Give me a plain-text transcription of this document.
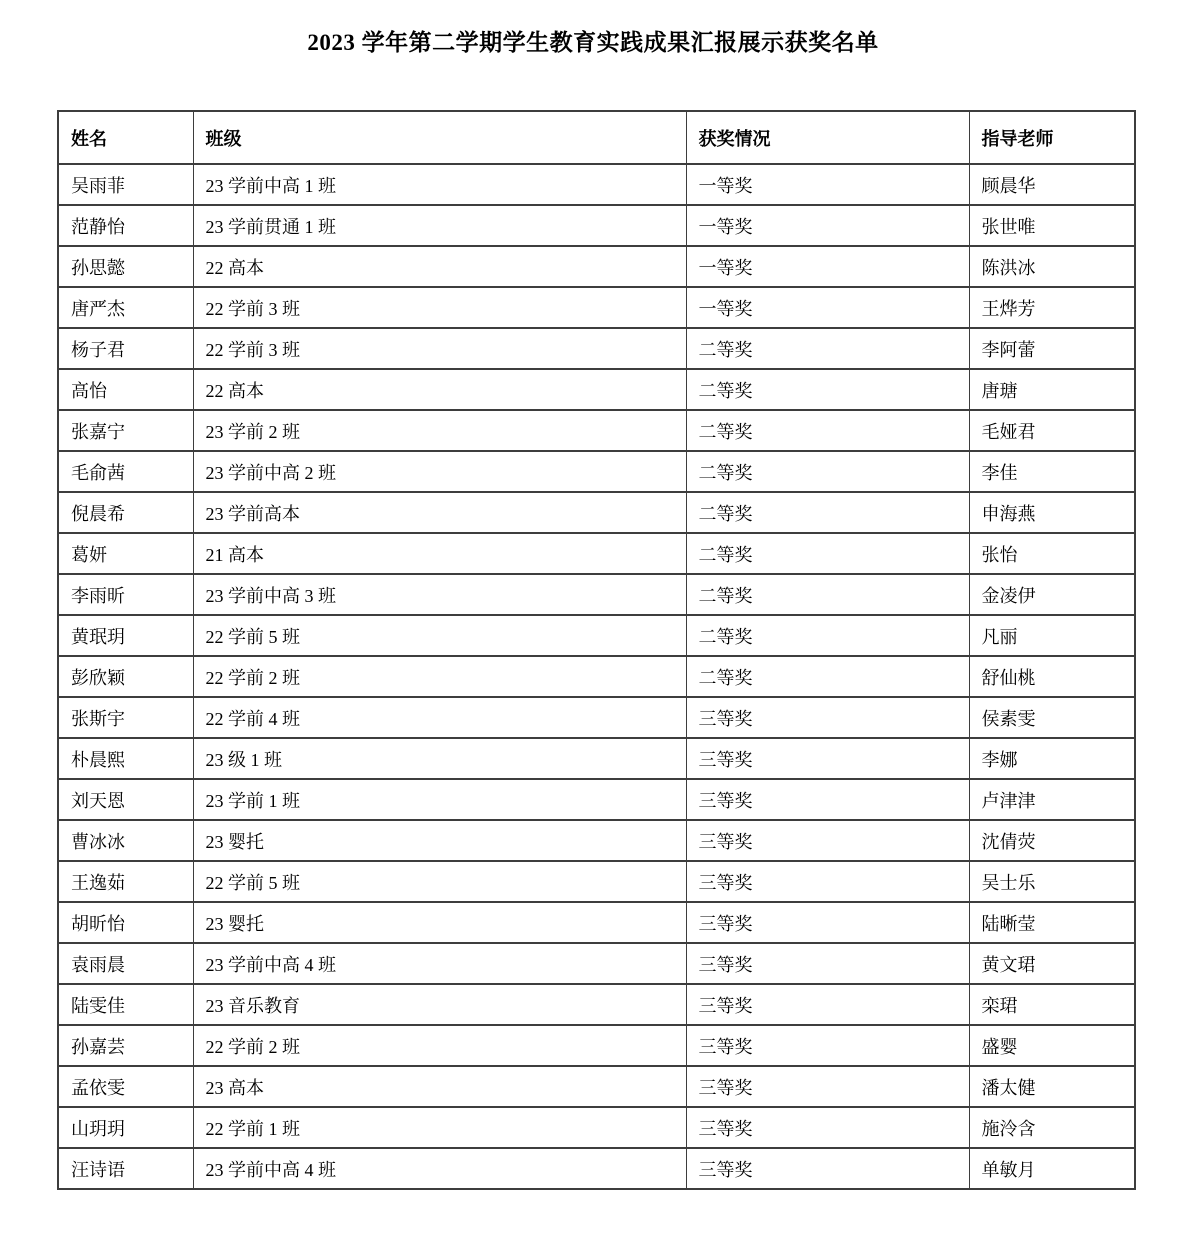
2023 学年第二学期学生教育实践成果汇报展示获奖名单
姓名	班级	获奖情况	指导老师
吴雨菲	23 学前中高 1 班	一等奖	顾晨华
范静怡	23 学前贯通 1 班	一等奖	张世唯
孙思懿	22 高本	一等奖	陈洪冰
唐严杰	22 学前 3 班	一等奖	王烨芳
杨子君	22 学前 3 班	二等奖	李阿蕾
高怡	22 高本	二等奖	唐瑭
张嘉宁	23 学前 2 班	二等奖	毛娅君
毛俞茜	23 学前中高 2 班	二等奖	李佳
倪晨希	23 学前高本	二等奖	申海燕
葛妍	21 高本	二等奖	张怡
李雨昕	23 学前中高 3 班	二等奖	金凌伊
黄珉玥	22 学前 5 班	二等奖	凡丽
彭欣颖	22 学前 2 班	二等奖	舒仙桃
张斯宇	22 学前 4 班	三等奖	侯素雯
朴晨熙	23 级 1 班	三等奖	李娜
刘天恩	23 学前 1 班	三等奖	卢津津
曹冰冰	23 婴托	三等奖	沈倩荧
王逸茹	22 学前 5 班	三等奖	吴士乐
胡昕怡	23 婴托	三等奖	陆晰莹
袁雨晨	23 学前中高 4 班	三等奖	黄文珺
陆雯佳	23 音乐教育	三等奖	栾珺
孙嘉芸	22 学前 2 班	三等奖	盛婴
孟依雯	23 高本	三等奖	潘太健
山玥玥	22 学前 1 班	三等奖	施泠含
汪诗语	23 学前中高 4 班	三等奖	单敏月
